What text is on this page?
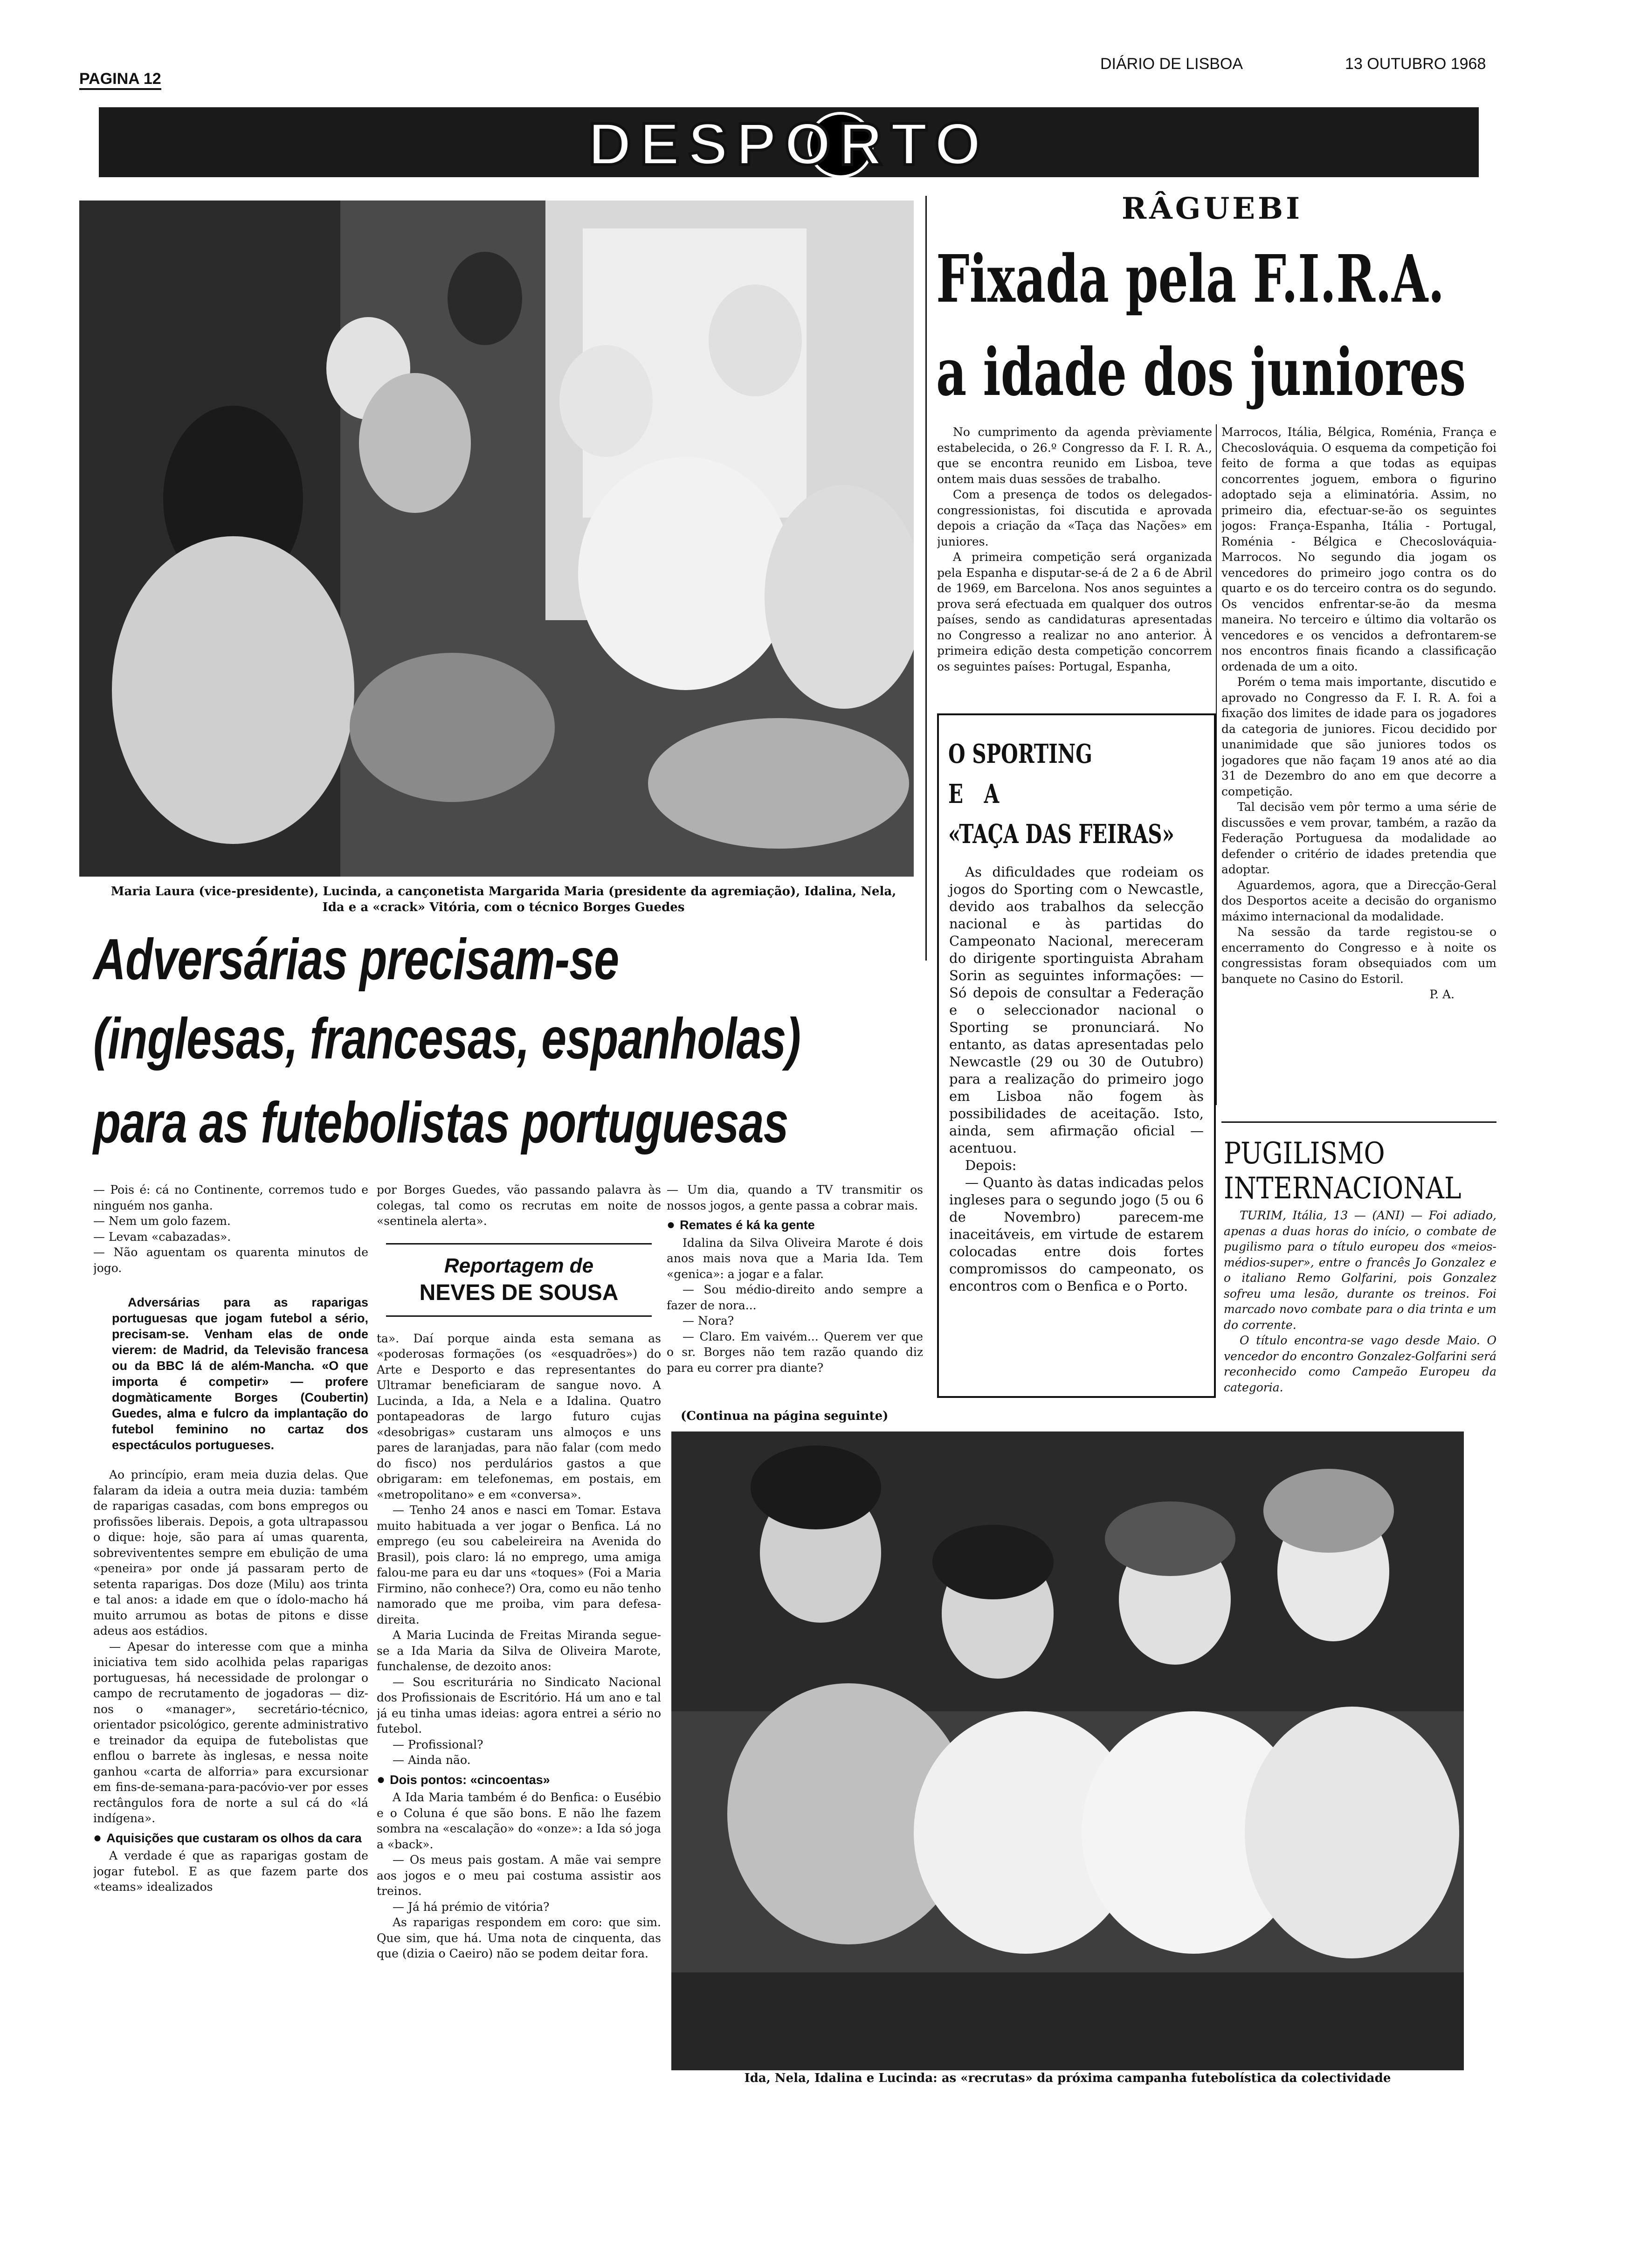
PAGINA 12
DIÁRIO DE LISBOA	13 OUTUBRO 1968
DESPORTO
Maria Laura (vice-presidente), Lucinda, a cançonetista Margarida Maria (presidente da agremiação), Idalina, Nela, Ida e a «crack» Vitória, com o técnico Borges Guedes
Adversárias precisam-se
(inglesas, francesas, espanholas)
para as futebolistas portuguesas

— Pois é: cá no Continente, corremos tudo e ninguém nos ganha.

— Nem um golo fazem.

— Levam «cabazadas».

— Não aguentam os quarenta minutos de jogo.

Adversárias para as raparigas portuguesas que jogam futebol a sério, precisam-se. Venham elas de onde vierem: de Madrid, da Televisão francesa ou da BBC lá de além-Mancha. «O que importa é competir» — profere dogmàticamente Borges (Coubertin) Guedes, alma e fulcro da implantação do futebol feminino no cartaz dos espectáculos portugueses.

Ao princípio, eram meia duzia delas. Que falaram da ideia a outra meia duzia: também de raparigas casadas, com bons empregos ou profissões liberais. Depois, a gota ultrapassou o dique: hoje, são para aí umas quarenta, sobrevivententes sempre em ebulição de uma «peneira» por onde já passaram perto de setenta raparigas. Dos doze (Milu) aos trinta e tal anos: a idade em que o ídolo-macho há muito arrumou as botas de pitons e disse adeus aos estádios.

— Apesar do interesse com que a minha iniciativa tem sido acolhida pelas raparigas portuguesas, há necessidade de prolongar o campo de recrutamento de jogadoras — diz-nos o «manager», secretário-técnico, orientador psicológico, gerente administrativo e treinador da equipa de futebolistas que enflou o barrete às inglesas, e nessa noite ganhou «carta de alforria» para excursionar em fins-de-semana-para-pacóvio-ver por esses rectângulos fora de norte a sul cá do «lá indígena».

● Aquisições que custaram os olhos da cara

A verdade é que as raparigas gostam de jogar futebol. E as que fazem parte dos «teams» idealizados

por Borges Guedes, vão passando palavra às colegas, tal como os recrutas em noite de «sentinela alerta».

Reportagem de
NEVES DE SOUSA

ta». Daí porque ainda esta semana as «poderosas formações (os «esquadrões») do Arte e Desporto e das representantes do Ultramar beneficiaram de sangue novo. A Lucinda, a Ida, a Nela e a Idalina. Quatro pontapeadoras de largo futuro cujas «desobrigas» custaram uns almoços e uns pares de laranjadas, para não falar (com medo do fisco) nos perdulários gastos a que obrigaram: em telefonemas, em postais, em «metropolitano» e em «conversa».

— Tenho 24 anos e nasci em Tomar. Estava muito habituada a ver jogar o Benfica. Lá no emprego (eu sou cabeleireira na Avenida do Brasil), pois claro: lá no emprego, uma amiga falou-me para eu dar uns «toques» (Foi a Maria Firmino, não conhece?) Ora, como eu não tenho namorado que me proiba, vim para defesa-direita.

A Maria Lucinda de Freitas Miranda segue-se a Ida Maria da Silva de Oliveira Marote, funchalense, de dezoito anos:

— Sou escriturária no Sindicato Nacional dos Profissionais de Escritório. Há um ano e tal já eu tinha umas ideias: agora entrei a sério no futebol.

— Profissional?

— Ainda não.

● Dois pontos: «cincoentas»

A Ida Maria também é do Benfica: o Eusébio e o Coluna é que são bons. E não lhe fazem sombra na «escalação» do «onze»: a Ida só joga a «back».

— Os meus pais gostam. A mãe vai sempre aos jogos e o meu pai costuma assistir aos treinos.

— Já há prémio de vitória?

As raparigas respondem em coro: que sim. Que sim, que há. Uma nota de cinquenta, das que (dizia o Caeiro) não se podem deitar fora.

— Um dia, quando a TV transmitir os nossos jogos, a gente passa a cobrar mais.

● Remates é ká ka gente

Idalina da Silva Oliveira Marote é dois anos mais nova que a Maria Ida. Tem «genica»: a jogar e a falar.

— Sou médio-direito ando sempre a fazer de nora...

— Nora?

— Claro. Em vaivém... Querem ver que o sr. Borges não tem razão quando diz para eu correr pra diante?

(Continua na página seguinte)
Ida, Nela, Idalina e Lucinda: as «recrutas» da próxima campanha futebolística da colectividade
RÂGUEBI
Fixada pela F.I.R.A.
a idade dos juniores

No cumprimento da agenda prèviamente estabelecida, o 26.º Congresso da F. I. R. A., que se encontra reunido em Lisboa, teve ontem mais duas sessões de trabalho.

Com a presença de todos os delegados-congressionistas, foi discutida e aprovada depois a criação da «Taça das Nações» em juniores.

A primeira competição será organizada pela Espanha e disputar-se-á de 2 a 6 de Abril de 1969, em Barcelona. Nos anos seguintes a prova será efectuada em qualquer dos outros países, sendo as candidaturas apresentadas no Congresso a realizar no ano anterior. À primeira edição desta competição concorrem os seguintes países: Portugal, Espanha,

Marrocos, Itália, Bélgica, Roménia, França e Checoslováquia. O esquema da competição foi feito de forma a que todas as equipas concorrentes joguem, embora o figurino adoptado seja a eliminatória. Assim, no primeiro dia, efectuar-se-ão os seguintes jogos: França-Espanha, Itália - Portugal, Roménia - Bélgica e Checoslováquia-Marrocos. No segundo dia jogam os vencedores do primeiro jogo contra os do quarto e os do terceiro contra os do segundo. Os vencidos enfrentar-se-ão da mesma maneira. No terceiro e último dia voltarão os vencedores e os vencidos a defrontarem-se nos encontros finais ficando a classificação ordenada de um a oito.

Porém o tema mais importante, discutido e aprovado no Congresso da F. I. R. A. foi a fixação dos limites de idade para os jogadores da categoria de juniores. Ficou decidido por unanimidade que são juniores todos os jogadores que não façam 19 anos até ao dia 31 de Dezembro do ano em que decorre a competição.

Tal decisão vem pôr termo a uma série de discussões e vem provar, também, a razão da Federação Portuguesa da modalidade ao defender o critério de idades pretendia que adoptar.

Aguardemos, agora, que a Direcção-Geral dos Desportos aceite a decisão do organismo máximo internacional da modalidade.

Na sessão da tarde registou-se o encerramento do Congresso e à noite os congressistas foram obsequiados com um banquete no Casino do Estoril.

P. A.

O SPORTING
E A
«TAÇA DAS FEIRAS»

As dificuldades que rodeiam os jogos do Sporting com o Newcastle, devido aos trabalhos da selecção nacional e às partidas do Campeonato Nacional, mereceram do dirigente sportinguista Abraham Sorin as seguintes informações: — Só depois de consultar a Federação e o seleccionador nacional o Sporting se pronunciará. No entanto, as datas apresentadas pelo Newcastle (29 ou 30 de Outubro) para a realização do primeiro jogo em Lisboa não fogem às possibilidades de aceitação. Isto, ainda, sem afirmação oficial — acentuou.

Depois:

— Quanto às datas indicadas pelos ingleses para o segundo jogo (5 ou 6 de Novembro) parecem-me inaceitáveis, em virtude de estarem colocadas entre dois fortes compromissos do campeonato, os encontros com o Benfica e o Porto.

PUGILISMO
INTERNACIONAL

TURIM, Itália, 13 — (ANI) — Foi adiado, apenas a duas horas do início, o combate de pugilismo para o título europeu dos «meios-médios-super», entre o francês Jo Gonzalez e o italiano Remo Golfarini, pois Gonzalez sofreu uma lesão, durante os treinos. Foi marcado novo combate para o dia trinta e um do corrente.

O título encontra-se vago desde Maio. O vencedor do encontro Gonzalez-Golfarini será reconhecido como Campeão Europeu da categoria.
